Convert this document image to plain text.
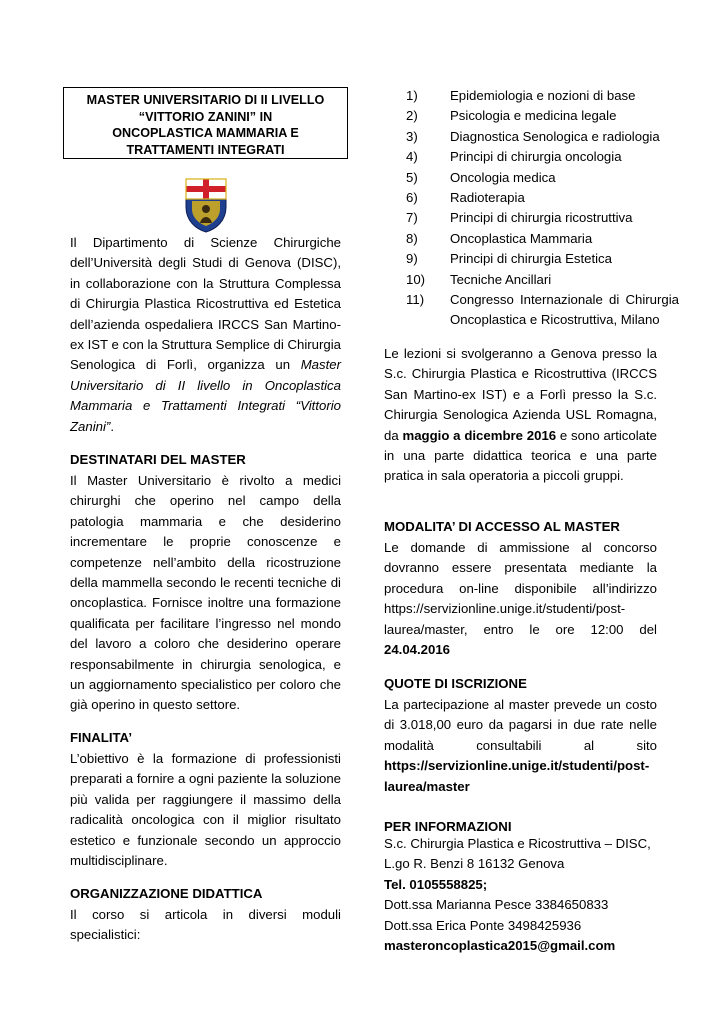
MASTER UNIVERSITARIO DI II LIVELLO
“VITTORIO ZANINI” IN
ONCOPLASTICA MAMMARIA E
TRATTAMENTI INTEGRATI

Il Dipartimento di Scienze Chirurgiche dell’Università degli Studi di Genova (DISC), in collaborazione con la Struttura Complessa di Chirurgia Plastica Ricostruttiva ed Estetica dell’azienda ospedaliera IRCCS San Martino-ex IST e con la Struttura Semplice di Chirurgia Senologica di Forlì, organizza un Master Universitario di II livello in Oncoplastica Mammaria e Trattamenti Integrati “Vittorio Zanini”.

DESTINATARI DEL MASTER

Il Master Universitario è rivolto a medici chirurghi che operino nel campo della patologia mammaria e che desiderino incrementare le proprie conoscenze e competenze nell’ambito della ricostruzione della mammella secondo le recenti tecniche di oncoplastica. Fornisce inoltre una formazione qualificata per facilitare l’ingresso nel mondo del lavoro a coloro che desiderino operare responsabilmente in chirurgia senologica, e un aggiornamento specialistico per coloro che già operino in questo settore.

FINALITA’

L’obiettivo è la formazione di professionisti preparati a fornire a ogni paziente la soluzione più valida per raggiungere il massimo della radicalità oncologica con il miglior risultato estetico e funzionale secondo un approccio multidisciplinare.

ORGANIZZAZIONE DIDATTICA

Il corso si articola in diversi moduli specialistici:

1)	Epidemiologia e nozioni di base
2)	Psicologia e medicina legale
3)	Diagnostica Senologica e radiologia
4)	Principi di chirurgia oncologia
5)	Oncologia medica
6)	Radioterapia
7)	Principi di chirurgia ricostruttiva
8)	Oncoplastica Mammaria
9)	Principi di chirurgia Estetica
10)	Tecniche Ancillari
11)	Congresso Internazionale di Chirurgia Oncoplastica e Ricostruttiva, Milano

Le lezioni si svolgeranno a Genova presso la S.c. Chirurgia Plastica e Ricostruttiva (IRCCS San Martino-ex IST) e a Forlì presso la S.c. Chirurgia Senologica Azienda USL Romagna, da maggio a dicembre 2016 e sono articolate in una parte didattica teorica e una parte pratica in sala operatoria a piccoli gruppi.

MODALITA’ DI ACCESSO AL MASTER

Le domande di ammissione al concorso dovranno essere presentata mediante la procedura on-line disponibile all’indirizzo https://servizionline.unige.it/studenti/post-laurea/master, entro le ore 12:00 del 24.04.2016

QUOTE DI ISCRIZIONE

La partecipazione al master prevede un costo di 3.018,00 euro da pagarsi in due rate nelle modalità consultabili al sito https://servizionline.unige.it/studenti/post-laurea/master

PER INFORMAZIONI

S.c. Chirurgia Plastica e Ricostruttiva – DISC,
L.go R. Benzi 8 16132 Genova
Tel. 0105558825;
Dott.ssa Marianna Pesce 3384650833
Dott.ssa Erica Ponte 3498425936
masteroncoplastica2015@gmail.com
